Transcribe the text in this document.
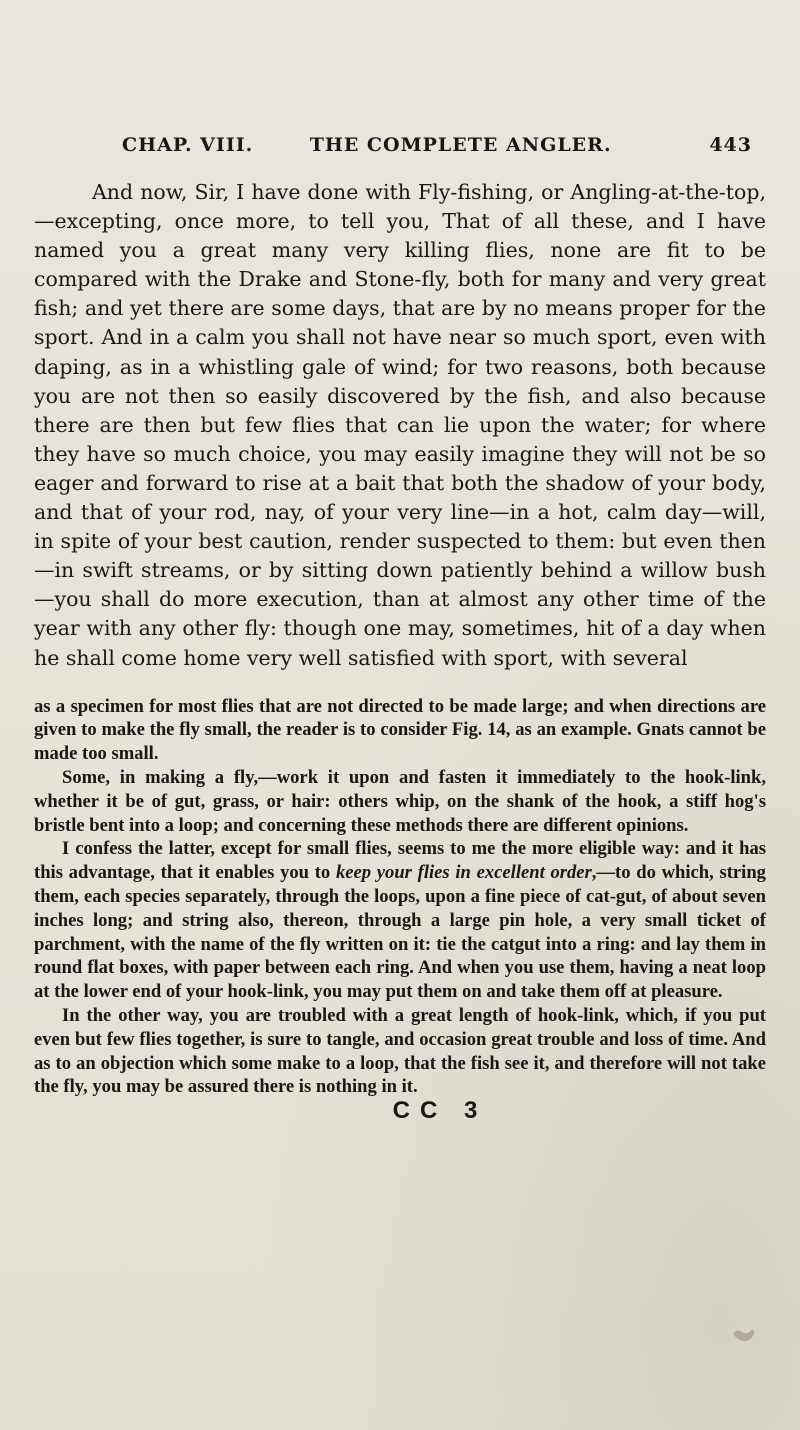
CHAP. VIII.	THE COMPLETE ANGLER.	443

And now, Sir, I have done with Fly-fishing, or Angling-at-the-top,—excepting, once more, to tell you, That of all these, and I have named you a great many very killing flies, none are fit to be compared with the Drake and Stone-fly, both for many and very great fish; and yet there are some days, that are by no means proper for the sport. And in a calm you shall not have near so much sport, even with daping, as in a whistling gale of wind; for two reasons, both because you are not then so easily discovered by the fish, and also because there are then but few flies that can lie upon the water; for where they have so much choice, you may easily imagine they will not be so eager and forward to rise at a bait that both the shadow of your body, and that of your rod, nay, of your very line—in a hot, calm day—will, in spite of your best caution, render suspected to them: but even then—in swift streams, or by sitting down patiently behind a willow bush—you shall do more execution, than at almost any other time of the year with any other fly: though one may, sometimes, hit of a day when he shall come home very well satisfied with sport, with several

as a specimen for most flies that are not directed to be made large; and when directions are given to make the fly small, the reader is to consider Fig. 14, as an example. Gnats cannot be made too small.

Some, in making a fly,—work it upon and fasten it immediately to the hook-link, whether it be of gut, grass, or hair: others whip, on the shank of the hook, a stiff hog's bristle bent into a loop; and concerning these methods there are different opinions.

I confess the latter, except for small flies, seems to me the more eligible way: and it has this advantage, that it enables you to keep your flies in excellent order,—to do which, string them, each species separately, through the loops, upon a fine piece of cat-gut, of about seven inches long; and string also, thereon, through a large pin hole, a very small ticket of parchment, with the name of the fly written on it: tie the catgut into a ring: and lay them in round flat boxes, with paper between each ring. And when you use them, having a neat loop at the lower end of your hook-link, you may put them on and take them off at pleasure.

In the other way, you are troubled with a great length of hook-link, which, if you put even but few flies together, is sure to tangle, and occasion great trouble and loss of time. And as to an objection which some make to a loop, that the fish see it, and therefore will not take the fly, you may be assured there is nothing in it.

CC 3
